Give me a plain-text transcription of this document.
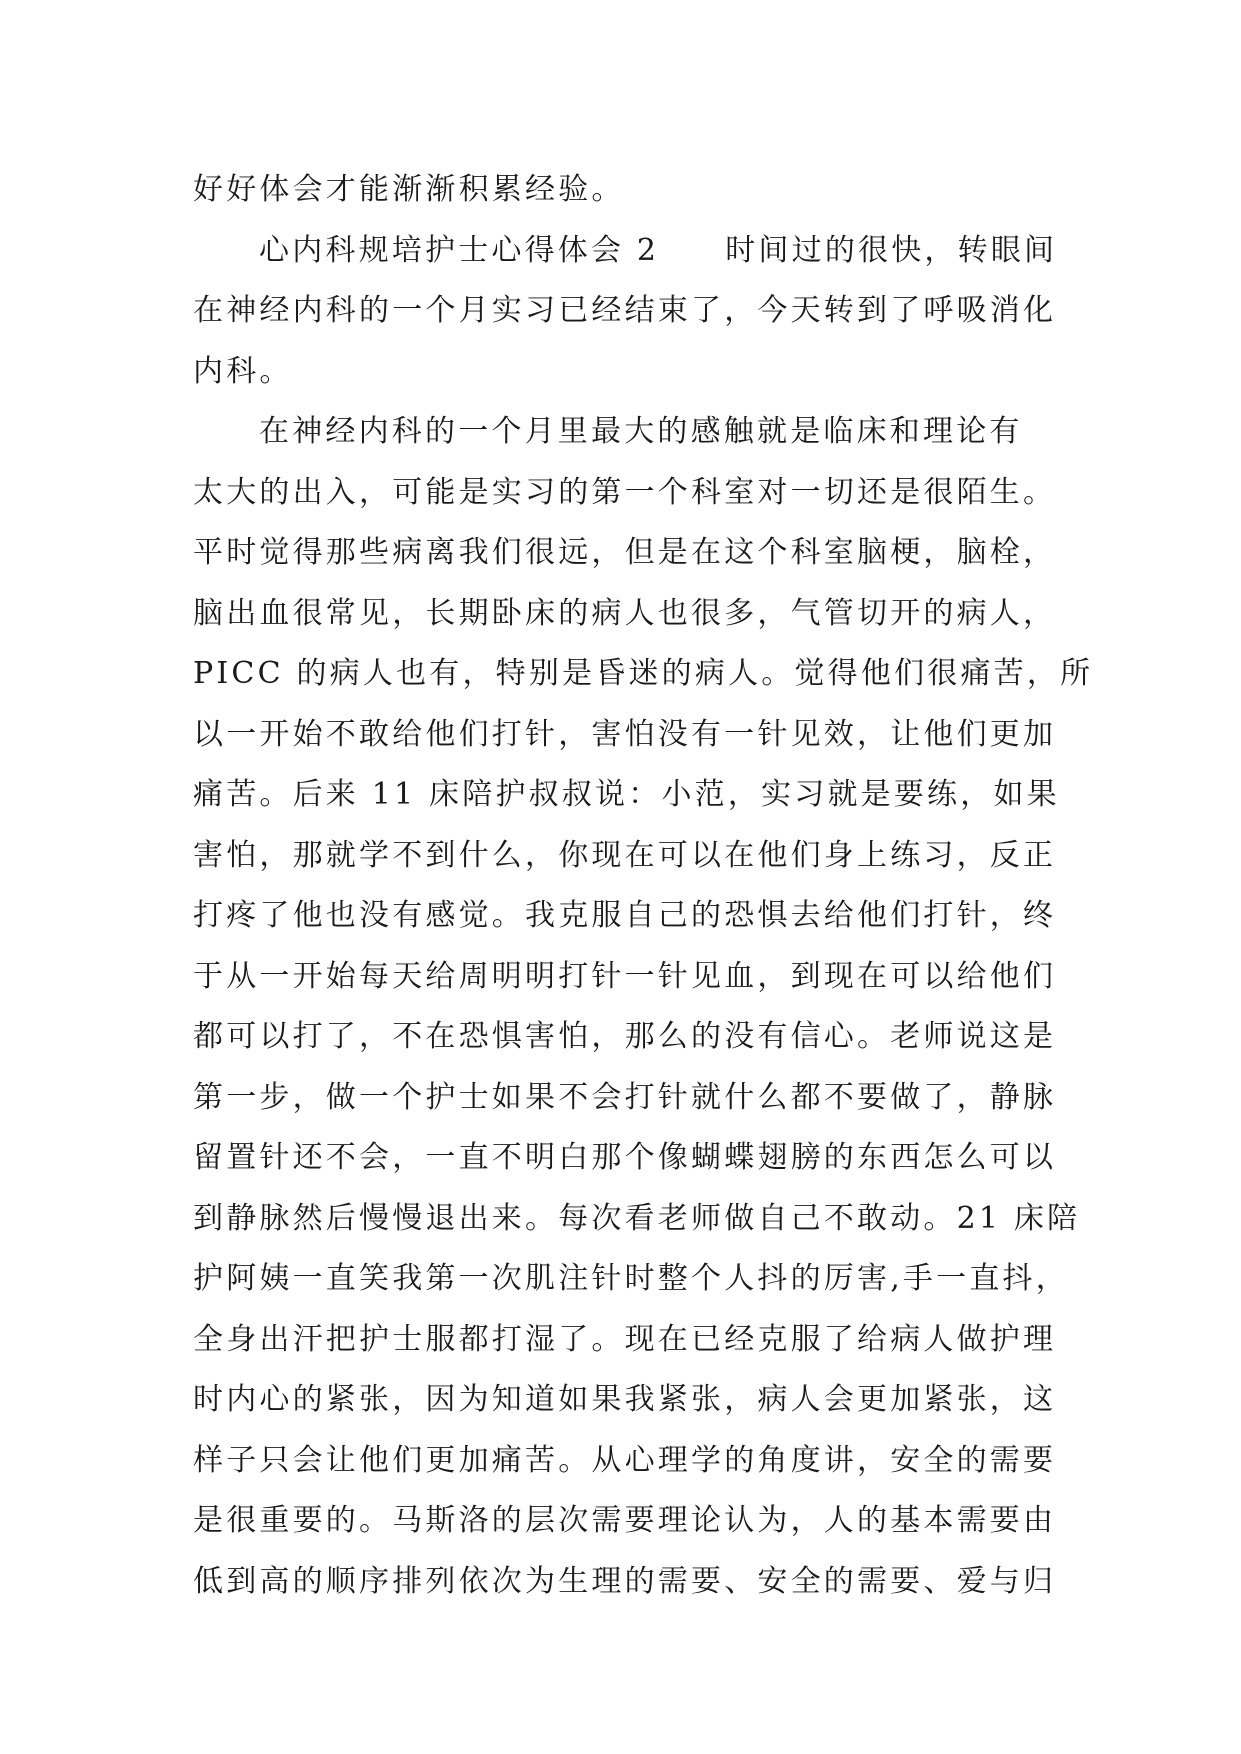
好好体会才能渐渐积累经验。
心内科规培护士心得体会 2 时间过的很快，转眼间
在神经内科的一个月实习已经结束了，今天转到了呼吸消化
内科。
在神经内科的一个月里最大的感触就是临床和理论有
太大的出入，可能是实习的第一个科室对一切还是很陌生。
平时觉得那些病离我们很远，但是在这个科室脑梗，脑栓，
脑出血很常见，长期卧床的病人也很多，气管切开的病人，
PICC 的病人也有，特别是昏迷的病人。觉得他们很痛苦，所
以一开始不敢给他们打针，害怕没有一针见效，让他们更加
痛苦。后来 11 床陪护叔叔说：小范，实习就是要练，如果
害怕，那就学不到什么，你现在可以在他们身上练习，反正
打疼了他也没有感觉。我克服自己的恐惧去给他们打针，终
于从一开始每天给周明明打针一针见血，到现在可以给他们
都可以打了，不在恐惧害怕，那么的没有信心。老师说这是
第一步，做一个护士如果不会打针就什么都不要做了，静脉
留置针还不会，一直不明白那个像蝴蝶翅膀的东西怎么可以
到静脉然后慢慢退出来。每次看老师做自己不敢动。21 床陪
护阿姨一直笑我第一次肌注针时整个人抖的厉害,手一直抖，
全身出汗把护士服都打湿了。现在已经克服了给病人做护理
时内心的紧张，因为知道如果我紧张，病人会更加紧张，这
样子只会让他们更加痛苦。从心理学的角度讲，安全的需要
是很重要的。马斯洛的层次需要理论认为，人的基本需要由
低到高的顺序排列依次为生理的需要、安全的需要、爱与归
